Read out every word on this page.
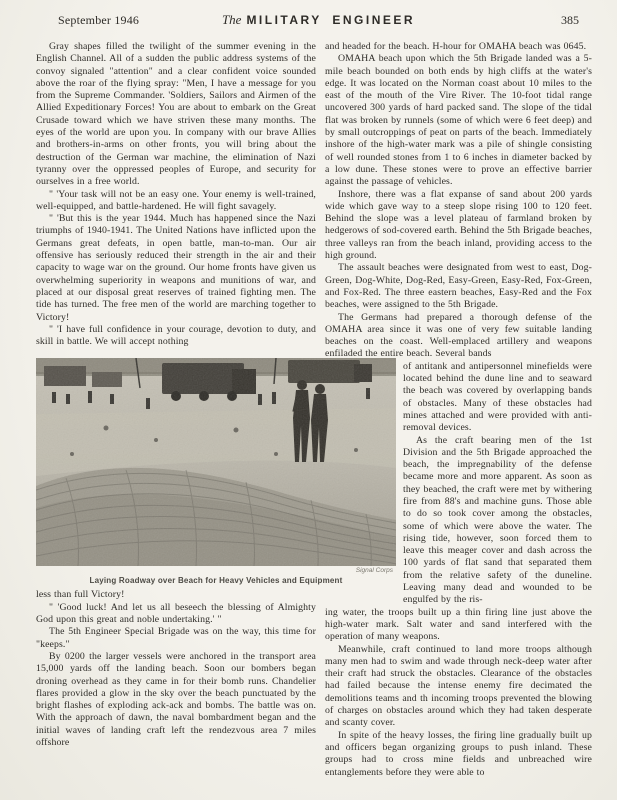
September 1946	The MILITARY ENGINEER	385

Gray shapes filled the twilight of the summer evening in the English Channel. All of a sudden the public address systems of the convoy signaled "attention" and a clear confident voice sounded above the roar of the flying spray: "Men, I have a message for you from the Supreme Commander. 'Soldiers, Sailors and Airmen of the Allied Expeditionary Forces! You are about to embark on the Great Crusade toward which we have striven these many months. The eyes of the world are upon you. In company with our brave Allies and brothers-in-arms on other fronts, you will bring about the destruction of the German war machine, the elimination of Nazi tyranny over the oppressed peoples of Europe, and security for ourselves in a free world.

" 'Your task will not be an easy one. Your enemy is well-trained, well-equipped, and battle-hardened. He will fight savagely.

" 'But this is the year 1944. Much has happened since the Nazi triumphs of 1940-1941. The United Nations have inflicted upon the Germans great defeats, in open battle, man-to-man. Our air offensive has seriously reduced their strength in the air and their capacity to wage war on the ground. Our home fronts have given us overwhelming superiority in weapons and munitions of war, and placed at our disposal great reserves of trained fighting men. The tide has turned. The free men of the world are marching together to Victory!

" 'I have full confidence in your courage, devotion to duty, and skill in battle. We will accept nothing

Signal Corps
Laying Roadway over Beach for Heavy Vehicles and Equipment

less than full Victory!

" 'Good luck! And let us all beseech the blessing of Almighty God upon this great and noble undertaking.' "

The 5th Engineer Special Brigade was on the way, this time for "keeps."

By 0200 the larger vessels were anchored in the transport area 15,000 yards off the landing beach. Soon our bombers began droning overhead as they came in for their bomb runs. Chandelier flares provided a glow in the sky over the beach punctuated by the bright flashes of exploding ack-ack and bombs. The battle was on. With the approach of dawn, the naval bombardment began and the initial waves of landing craft left the rendezvous area 7 miles offshore

and headed for the beach. H-hour for OMAHA beach was 0645.

OMAHA beach upon which the 5th Brigade landed was a 5-mile beach bounded on both ends by high cliffs at the water's edge. It was located on the Norman coast about 10 miles to the east of the mouth of the Vire River. The 10-foot tidal range uncovered 300 yards of hard packed sand. The slope of the tidal flat was broken by runnels (some of which were 6 feet deep) and by small outcroppings of peat on parts of the beach. Immediately inshore of the high-water mark was a pile of shingle consisting of well rounded stones from 1 to 6 inches in diameter backed by a low dune. These stones were to prove an effective barrier against the passage of vehicles.

Inshore, there was a flat expanse of sand about 200 yards wide which gave way to a steep slope rising 100 to 120 feet. Behind the slope was a level plateau of farmland broken by hedgerows of sod-covered earth. Behind the 5th Brigade beaches, three valleys ran from the beach inland, providing access to the high ground.

The assault beaches were designated from west to east, Dog-Green, Dog-White, Dog-Red, Easy-Green, Easy-Red, Fox-Green, and Fox-Red. The three eastern beaches, Easy-Red and the Fox beaches, were assigned to the 5th Brigade.

The Germans had prepared a thorough defense of the OMAHA area since it was one of very few suitable landing beaches on the coast. Well-emplaced artillery and weapons enfiladed the entire beach. Several bands

of antitank and antipersonnel minefields were located behind the dune line and to seaward the beach was covered by overlapping bands of obstacles. Many of these obstacles had mines attached and were provided with anti-removal devices.

As the craft bearing men of the 1st Division and the 5th Brigade approached the beach, the impregnability of the defense became more and more apparent. As soon as they beached, the craft were met by withering fire from 88's and machine guns. Those able to do so took cover among the obstacles, some of which were above the water. The rising tide, however, soon forced them to leave this meager cover and dash across the 100 yards of flat sand that separated them from the relative safety of the duneline. Leaving many dead and wounded to be engulfed by the ris-

ing water, the troops built up a thin firing line just above the high-water mark. Salt water and sand interfered with the operation of many weapons.

Meanwhile, craft continued to land more troops although many men had to swim and wade through neck-deep water after their craft had struck the obstacles. Clearance of the obstacles had failed because the intense enemy fire decimated the demolitions teams and th incoming troops prevented the blowing of charges on obstacles around which they had taken desperate and scanty cover.

In spite of the heavy losses, the firing line gradually built up and officers began organizing groups to push inland. These groups had to cross mine fields and unbreached wire entanglements before they were able to
